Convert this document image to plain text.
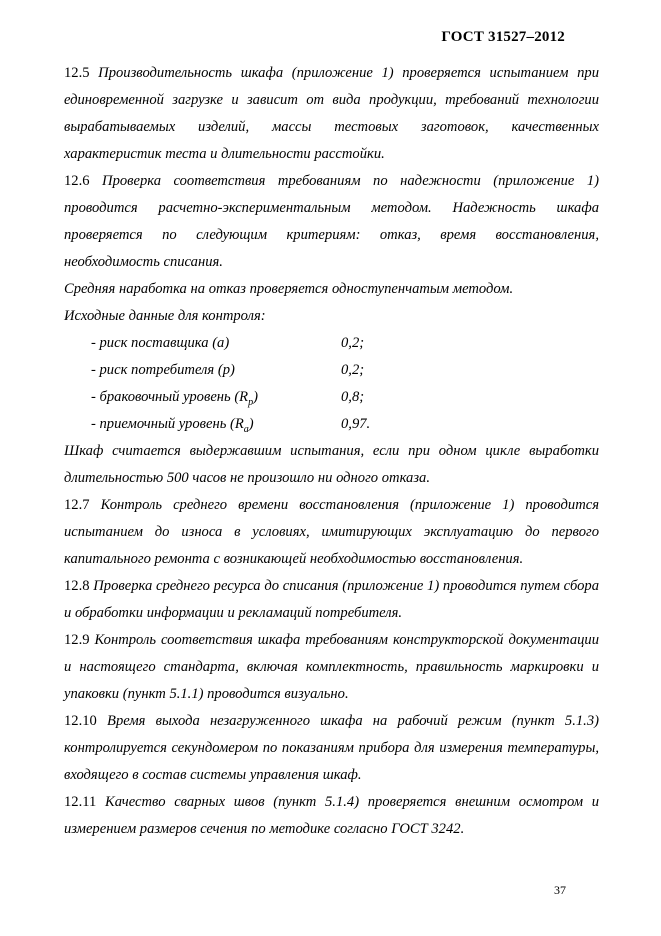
ГОСТ 31527–2012

12.5 Производительность шкафа (приложение 1) проверяется испытанием при единовременной загрузке и зависит от вида продукции, требований технологии вырабатываемых изделий, массы тестовых заготовок, качественных характеристик теста и длительности расстойки.

12.6 Проверка соответствия требованиям по надежности (приложение 1) проводится расчетно-экспериментальным методом. Надежность шкафа проверяется по следующим критериям: отказ, время восстановления, необходимость списания.

Средняя наработка на отказ проверяется одноступенчатым методом.

Исходные данные для контроля:

- риск поставщика (а)	0,2;
- риск потребителя (р)	0,2;
- браковочный уровень $(R_р)$	0,8;
- приемочный уровень $(R_а)$	0,97.

Шкаф считается выдержавшим испытания, если при одном цикле выработки длительностью 500 часов не произошло ни одного отказа.

12.7 Контроль среднего времени восстановления (приложение 1) проводится испытанием до износа в условиях, имитирующих эксплуатацию до первого капитального ремонта с возникающей необходимостью восстановления.

12.8 Проверка среднего ресурса до списания (приложение 1) проводится путем сбора и обработки информации и рекламаций потребителя.

12.9 Контроль соответствия шкафа требованиям конструкторской документации и настоящего стандарта, включая комплектность, правильность маркировки и упаковки (пункт 5.1.1) проводится визуально.

12.10 Время выхода незагруженного шкафа на рабочий режим (пункт 5.1.3) контролируется секундомером по показаниям прибора для измерения температуры, входящего в состав системы управления шкаф.

12.11 Качество сварных швов (пункт 5.1.4) проверяется внешним осмотром и измерением размеров сечения по методике согласно ГОСТ 3242.

37
